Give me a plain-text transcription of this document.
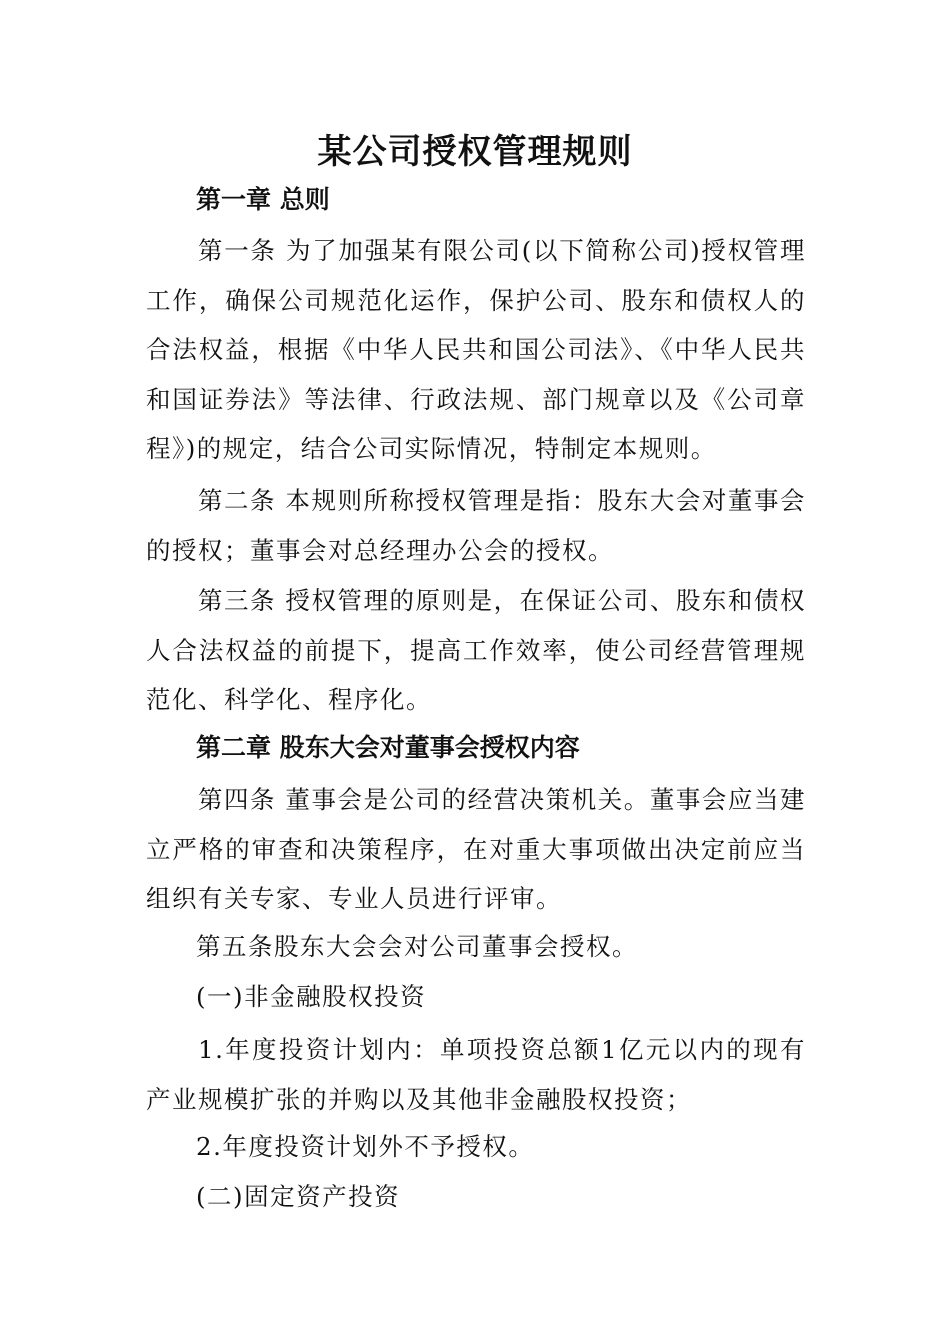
某公司授权管理规则
第一章 总则

第一条 为了加强某有限公司(以下简称公司)授权管理工作，确保公司规范化运作，保护公司、股东和债权人的合法权益，根据《中华人民共和国公司法》、《中华人民共和国证券法》等法律、行政法规、部门规章以及《公司章程》)的规定，结合公司实际情况，特制定本规则。

第二条 本规则所称授权管理是指：股东大会对董事会的授权；董事会对总经理办公会的授权。

第三条 授权管理的原则是，在保证公司、股东和债权人合法权益的前提下，提高工作效率，使公司经营管理规范化、科学化、程序化。

第二章 股东大会对董事会授权内容

第四条 董事会是公司的经营决策机关。董事会应当建立严格的审查和决策程序，在对重大事项做出决定前应当组织有关专家、专业人员进行评审。

第五条股东大会会对公司董事会授权。

(一)非金融股权投资

1.年度投资计划内：单项投资总额1亿元以内的现有产业规模扩张的并购以及其他非金融股权投资；

2.年度投资计划外不予授权。

(二)固定资产投资
